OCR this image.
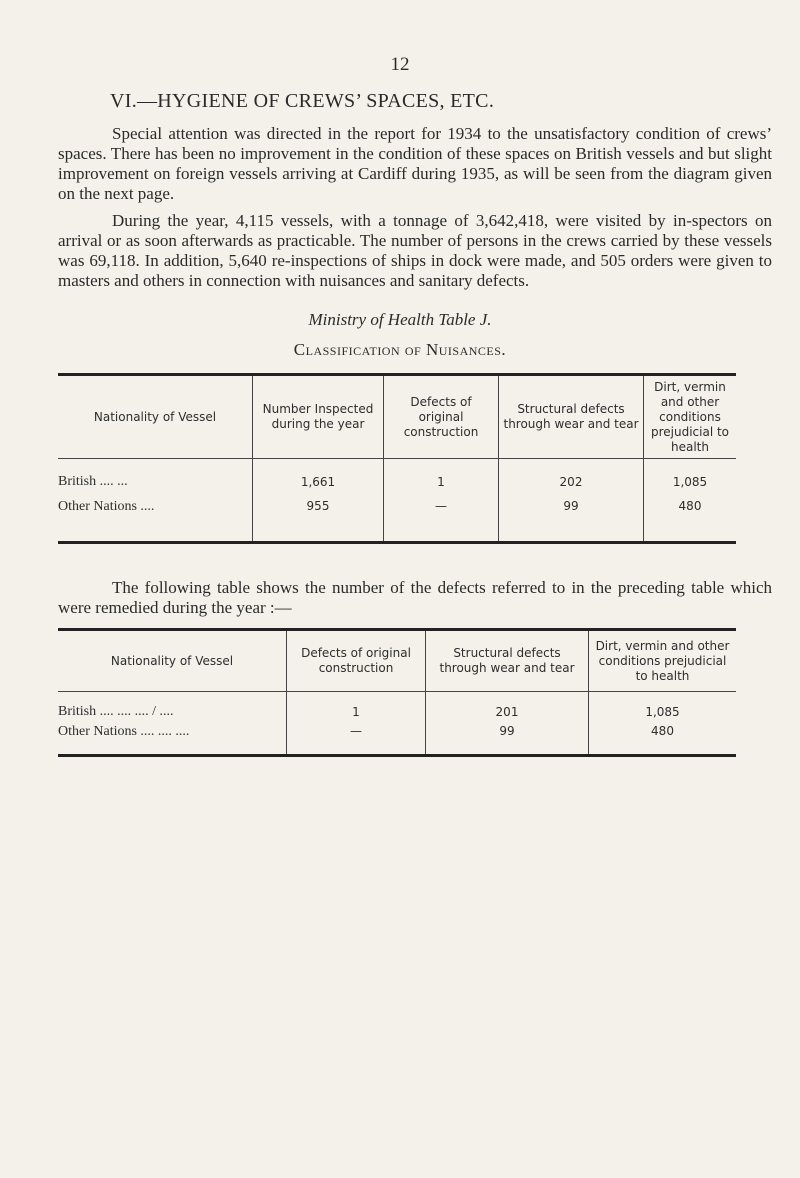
12
VI.—HYGIENE OF CREWS’ SPACES, ETC.

Special attention was directed in the report for 1934 to the unsatisfactory condition of crews’ spaces. There has been no improvement in the condition of these spaces on British vessels and but slight improvement on foreign vessels arriving at Cardiff during 1935, as will be seen from the diagram given on the next page.

During the year, 4,115 vessels, with a tonnage of 3,642,418, were visited by in-spectors on arrival or as soon afterwards as practicable. The number of persons in the crews carried by these vessels was 69,118. In addition, 5,640 re-inspections of ships in dock were made, and 505 orders were given to masters and others in connection with nuisances and sanitary defects.

Ministry of Health Table J.
Classification of Nuisances.
Nationality of Vessel	Number Inspected during the year	Defects of original construction	Structural defects through wear and tear	Dirt, vermin and other conditions prejudicial to health
British .... ...	1,661	1	202	1,085
Other Nations ....	955	—	99	480

The following table shows the number of the defects referred to in the preceding table which were remedied during the year :—

Nationality of Vessel	Defects of original construction	Structural defects through wear and tear	Dirt, vermin and other conditions prejudicial to health
British .... .... .... / ....	1	201	1,085
Other Nations .... .... ....	—	99	480
